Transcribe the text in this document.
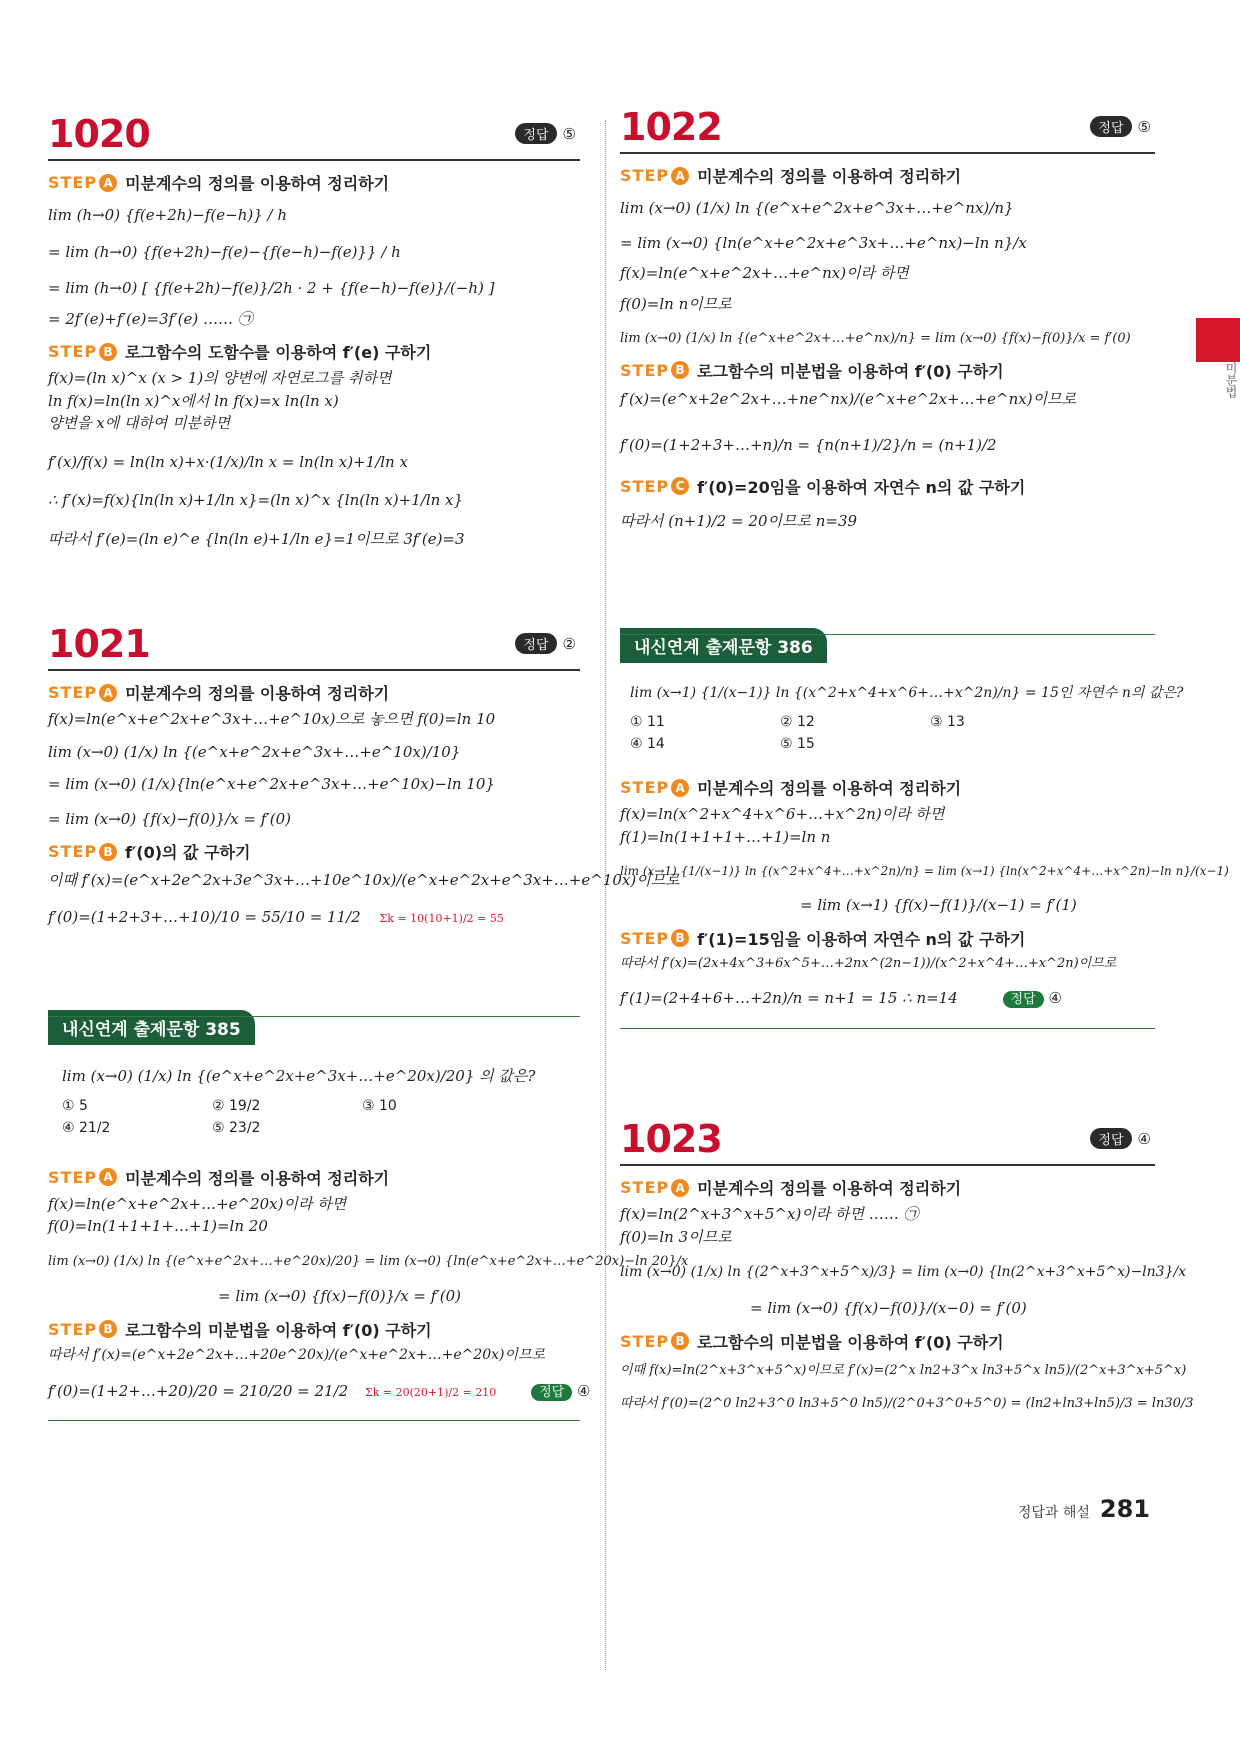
미분법
1020	정답 ⑤
STEP A 미분계수의 정의를 이용하여 정리하기
lim (h→0) {f(e+2h)−f(e−h)} / h
= lim (h→0) {f(e+2h)−f(e)−{f(e−h)−f(e)}} / h
= lim (h→0) [ {f(e+2h)−f(e)}/2h · 2 + {f(e−h)−f(e)}/(−h) ]
= 2f′(e)+f′(e)=3f′(e) …… ㉠
STEP B 로그함수의 도함수를 이용하여 f′(e) 구하기
f(x)=(ln x)^x (x > 1)의 양변에 자연로그를 취하면
ln f(x)=ln(ln x)^x에서 ln f(x)=x ln(ln x)
양변을 x에 대하여 미분하면
f′(x)/f(x) = ln(ln x)+x·(1/x)/ln x = ln(ln x)+1/ln x
∴ f′(x)=f(x){ln(ln x)+1/ln x}=(ln x)^x {ln(ln x)+1/ln x}
따라서 f′(e)=(ln e)^e {ln(ln e)+1/ln e}=1이므로 3f′(e)=3
1021	정답 ②
STEP A 미분계수의 정의를 이용하여 정리하기
f(x)=ln(e^x+e^2x+e^3x+…+e^10x)으로 놓으면 f(0)=ln 10
lim (x→0) (1/x) ln {(e^x+e^2x+e^3x+…+e^10x)/10}
= lim (x→0) (1/x){ln(e^x+e^2x+e^3x+…+e^10x)−ln 10}
= lim (x→0) {f(x)−f(0)}/x = f′(0)
STEP B f′(0)의 값 구하기
이때 f′(x)=(e^x+2e^2x+3e^3x+…+10e^10x)/(e^x+e^2x+e^3x+…+e^10x)이므로
f′(0)=(1+2+3+…+10)/10 = 55/10 = 11/2 Σk = 10(10+1)/2 = 55
내신연계 출제문항 385
lim (x→0) (1/x) ln {(e^x+e^2x+e^3x+…+e^20x)/20} 의 값은?
① 5	② 19/2	③ 10
④ 21/2	⑤ 23/2
STEP A 미분계수의 정의를 이용하여 정리하기
f(x)=ln(e^x+e^2x+…+e^20x)이라 하면
f(0)=ln(1+1+1+…+1)=ln 20
lim (x→0) (1/x) ln {(e^x+e^2x+…+e^20x)/20} = lim (x→0) {ln(e^x+e^2x+…+e^20x)−ln 20}/x
= lim (x→0) {f(x)−f(0)}/x = f′(0)
STEP B 로그함수의 미분법을 이용하여 f′(0) 구하기
따라서 f′(x)=(e^x+2e^2x+…+20e^20x)/(e^x+e^2x+…+e^20x)이므로
f′(0)=(1+2+…+20)/20 = 210/20 = 21/2 Σk = 20(20+1)/2 = 210	정답 ④
1022	정답 ⑤
STEP A 미분계수의 정의를 이용하여 정리하기
lim (x→0) (1/x) ln {(e^x+e^2x+e^3x+…+e^nx)/n}
= lim (x→0) {ln(e^x+e^2x+e^3x+…+e^nx)−ln n}/x
f(x)=ln(e^x+e^2x+…+e^nx)이라 하면
f(0)=ln n이므로
lim (x→0) (1/x) ln {(e^x+e^2x+…+e^nx)/n} = lim (x→0) {f(x)−f(0)}/x = f′(0)
STEP B 로그함수의 미분법을 이용하여 f′(0) 구하기
f′(x)=(e^x+2e^2x+…+ne^nx)/(e^x+e^2x+…+e^nx)이므로
f′(0)=(1+2+3+…+n)/n = {n(n+1)/2}/n = (n+1)/2
STEP C f′(0)=20임을 이용하여 자연수 n의 값 구하기
따라서 (n+1)/2 = 20이므로 n=39
내신연계 출제문항 386
lim (x→1) {1/(x−1)} ln {(x^2+x^4+x^6+…+x^2n)/n} = 15인 자연수 n의 값은?
① 11	② 12	③ 13
④ 14	⑤ 15
STEP A 미분계수의 정의를 이용하여 정리하기
f(x)=ln(x^2+x^4+x^6+…+x^2n)이라 하면
f(1)=ln(1+1+1+…+1)=ln n
lim (x→1) {1/(x−1)} ln {(x^2+x^4+…+x^2n)/n} = lim (x→1) {ln(x^2+x^4+…+x^2n)−ln n}/(x−1)
= lim (x→1) {f(x)−f(1)}/(x−1) = f′(1)
STEP B f′(1)=15임을 이용하여 자연수 n의 값 구하기
따라서 f′(x)=(2x+4x^3+6x^5+…+2nx^(2n−1))/(x^2+x^4+…+x^2n)이므로
f′(1)=(2+4+6+…+2n)/n = n+1 = 15 ∴ n=14	정답 ④
1023	정답 ④
STEP A 미분계수의 정의를 이용하여 정리하기
f(x)=ln(2^x+3^x+5^x)이라 하면 …… ㉠
f(0)=ln 3이므로
lim (x→0) (1/x) ln {(2^x+3^x+5^x)/3} = lim (x→0) {ln(2^x+3^x+5^x)−ln3}/x
= lim (x→0) {f(x)−f(0)}/(x−0) = f′(0)
STEP B 로그함수의 미분법을 이용하여 f′(0) 구하기
이때 f(x)=ln(2^x+3^x+5^x)이므로 f′(x)=(2^x ln2+3^x ln3+5^x ln5)/(2^x+3^x+5^x)
따라서 f′(0)=(2^0 ln2+3^0 ln3+5^0 ln5)/(2^0+3^0+5^0) = (ln2+ln3+ln5)/3 = ln30/3
정답과 해설 281
